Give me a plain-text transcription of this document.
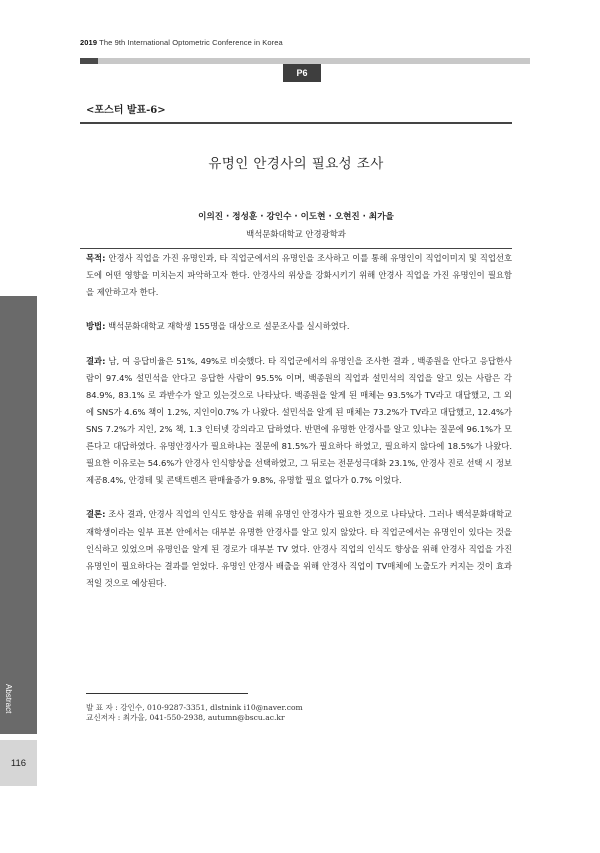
2019 The 9th International Optometric Conference in Korea
P6
<포스터 발표-6>
유명인 안경사의 필요성 조사
이의진 · 정성훈 · 강인수 · 이도현 · 오현진 · 최가을
백석문화대학교 안경광학과

목적: 안경사 직업을 가진 유명인과, 타 직업군에서의 유명인을 조사하고 이를 통해 유명인이 직업이미지 및 직업선호도에 어떤 영향을 미치는지 파악하고자 한다. 안경사의 위상을 강화시키기 위해 안경사 직업을 가진 유명인이 필요함을 제안하고자 한다.

방법: 백석문화대학교 재학생 155명을 대상으로 설문조사를 실시하였다.

결과: 남, 여 응답비율은 51%, 49%로 비슷했다. 타 직업군에서의 유명인을 조사한 결과 , 백종원을 안다고 응답한사람이 97.4% 설민석을 안다고 응답한 사람이 95.5% 이며, 백종원의 직업과 설민석의 직업을 알고 있는 사람은 각 84.9%, 83.1% 로 과반수가 알고 있는것으로 나타났다. 백종원을 알게 된 매체는 93.5%가 TV라고 대답했고, 그 외에 SNS가 4.6% 책이 1.2%, 지인이0.7% 가 나왔다. 설민석을 알게 된 매체는 73.2%가 TV라고 대답했고, 12.4%가 SNS 7.2%가 지인, 2% 책, 1.3 인터넷 강의라고 답하였다. 반면에 유명한 안경사를 알고 있냐는 질문에 96.1%가 모른다고 대답하였다. 유명안경사가 필요하냐는 질문에 81.5%가 필요하다 하였고, 필요하지 않다에 18.5%가 나왔다. 필요한 이유로는 54.6%가 안경사 인식향상을 선택하였고, 그 뒤로는 전문성극대화 23.1%, 안경사 진로 선택 시 정보제공8.4%, 안경테 및 콘택트렌즈 판매율증가 9.8%, 유명할 필요 없다가 0.7% 이었다.

결론: 조사 결과, 안경사 직업의 인식도 향상을 위해 유명인 안경사가 필요한 것으로 나타났다. 그러나 백석문화대학교 재학생이라는 일부 표본 안에서는 대부분 유명한 안경사를 알고 있지 않았다. 타 직업군에서는 유명인이 있다는 것을 인식하고 있었으며 유명인을 알게 된 경로가 대부분 TV 였다. 안경사 직업의 인식도 향상을 위해 안경사 직업을 가진 유명인이 필요하다는 결과를 얻었다. 유명인 안경사 배출을 위해 안경사 직업이 TV매체에 노출도가 커지는 것이 효과적일 것으로 예상된다.

발 표 자 : 강인수, 010-9287-3351, dlstnink i10@naver.com
교신저자 : 최가을, 041-550-2938, autumn@bscu.ac.kr
Abstract
116
